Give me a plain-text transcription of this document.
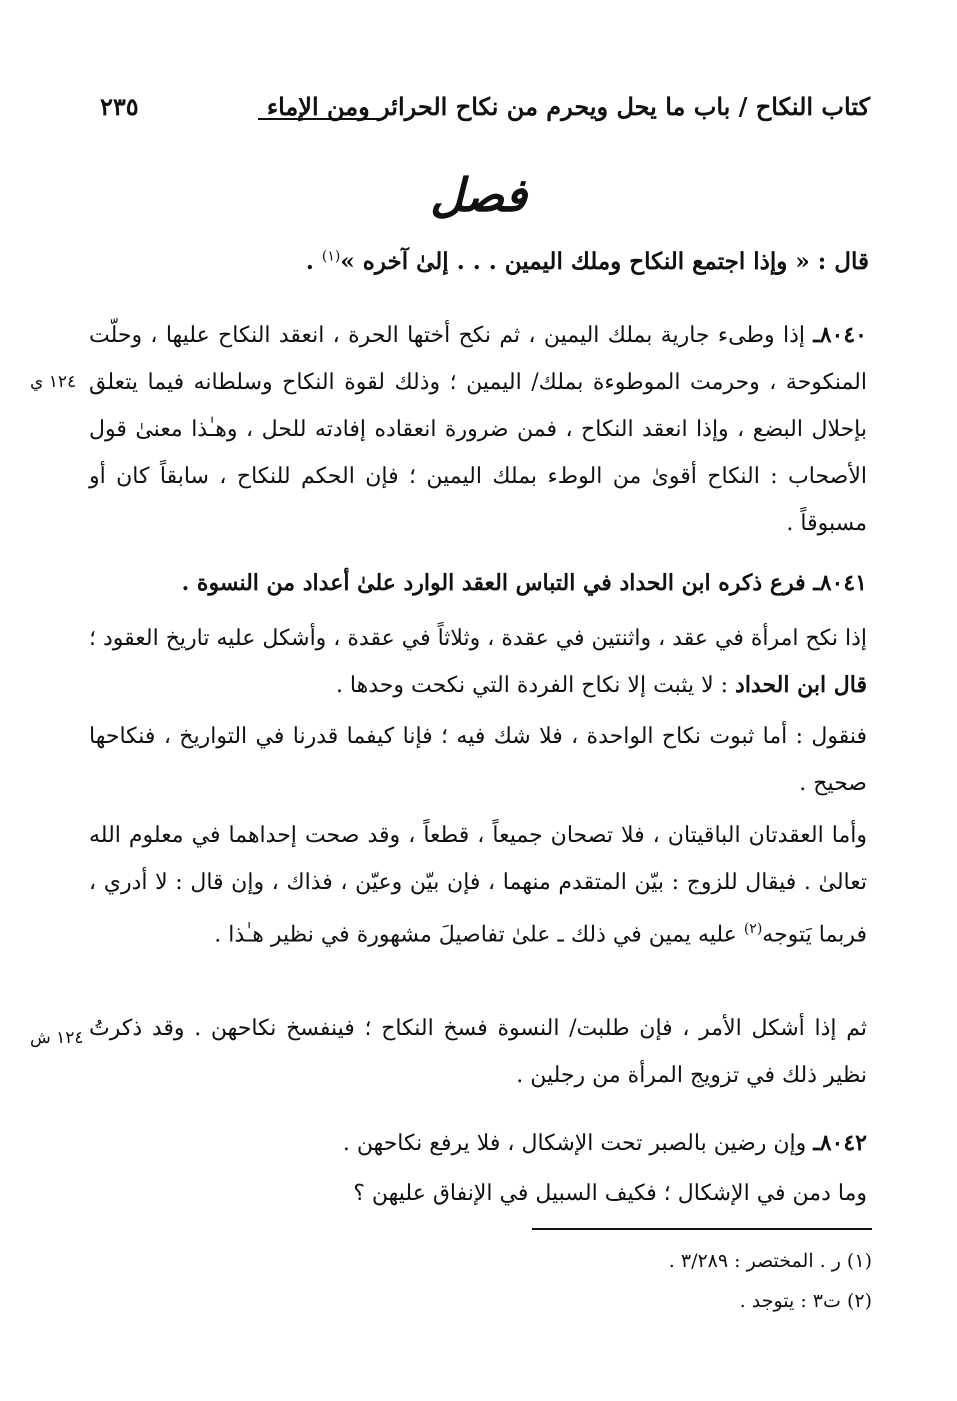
كتاب النكاح / باب ما يحل ويحرم من نكاح الحرائر ومن الإماء
٢٣٥
فصل
قال : « وإذا اجتمع النكاح وملك اليمين . . . إلىٰ آخره »$^{(١)}$ .
٨٠٤٠ـ إذا وطىء جارية بملك اليمين ، ثم نكح أختها الحرة ، انعقد النكاح عليها ، وحلّت المنكوحة ، وحرمت الموطوءة بملك/ اليمين ؛ وذلك لقوة النكاح وسلطانه فيما يتعلق بإحلال البضع ، وإذا انعقد النكاح ، فمن ضرورة انعقاده إفادته للحل ، وهـٰذا معنىٰ قول الأصحاب : النكاح أقوىٰ من الوطء بملك اليمين ؛ فإن الحكم للنكاح ، سابقاً كان أو مسبوقاً .
١٢٤ ي
٨٠٤١ـ فرع ذكره ابن الحداد في التباس العقد الوارد علىٰ أعداد من النسوة .
إذا نكح امرأة في عقد ، واثنتين في عقدة ، وثلاثاً في عقدة ، وأشكل عليه تاريخ العقود ؛ قال ابن الحداد : لا يثبت إلا نكاح الفردة التي نكحت وحدها .
فنقول : أما ثبوت نكاح الواحدة ، فلا شك فيه ؛ فإنا كيفما قدرنا في التواريخ ، فنكاحها صحيح .
وأما العقدتان الباقيتان ، فلا تصحان جميعاً ، قطعاً ، وقد صحت إحداهما في معلوم الله تعالىٰ . فيقال للزوج : بيّن المتقدم منهما ، فإن بيّن وعيّن ، فذاك ، وإن قال : لا أدري ، فربما يَتوجه$^{(٢)}$ عليه يمين في ذلك ـ علىٰ تفاصيلَ مشهورة في نظير هـٰذا .
ثم إذا أشكل الأمر ، فإن طلبت/ النسوة فسخ النكاح ؛ فينفسخ نكاحهن . وقد ذكرتُ نظير ذلك في تزويج المرأة من رجلين .
١٢٤ ش
٨٠٤٢ـ وإن رضين بالصبر تحت الإشكال ، فلا يرفع نكاحهن .
وما دمن في الإشكال ؛ فكيف السبيل في الإنفاق عليهن ؟
(١) ر . المختصر : ٣/٢٨٩ .
(٢) ت٣ : يتوجد .
